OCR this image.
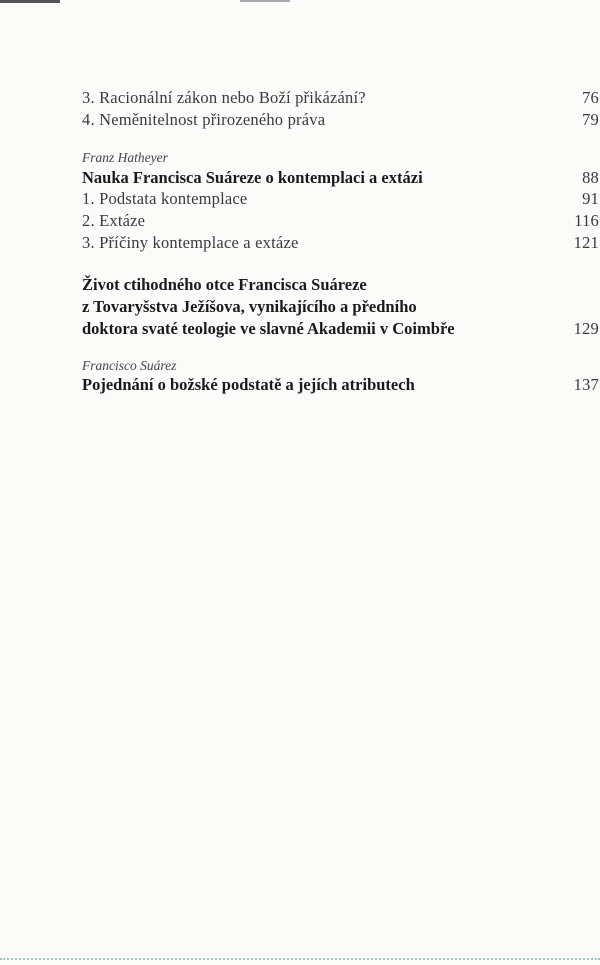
3. Racionální zákon nebo Boží přikázání?	76
4. Neměnitelnost přirozeného práva	79
Franz Hatheyer
Nauka Francisca Suáreze o kontemplaci a extázi	88
1. Podstata kontemplace	91
2. Extáze	116
3. Příčiny kontemplace a extáze	121
Život ctihodného otce Francisca Suáreze
z Tovaryšstva Ježíšova, vynikajícího a předního
doktora svaté teologie ve slavné Akademii v Coimbře	129
Francisco Suárez
Pojednání o božské podstatě a jejích atributech	137
